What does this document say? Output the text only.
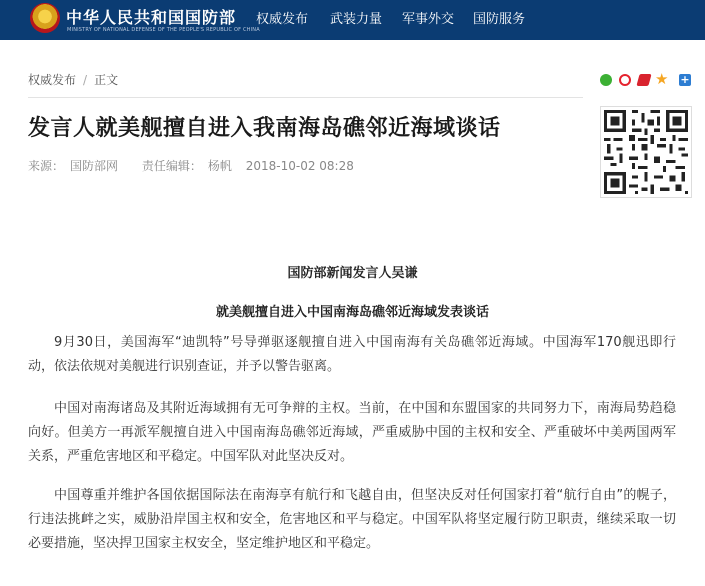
中华人民共和国国防部
MINISTRY OF NATIONAL DEFENSE OF THE PEOPLE'S REPUBLIC OF CHINA
权威发布 武装力量 军事外交 国防服务
权威发布 / 正文	★ +
发言人就美舰擅自进入我南海岛礁邻近海域谈话
来源： 国防部网 责任编辑： 杨帆 2018-10-02 08:28
国防部新闻发言人吴谦
就美舰擅自进入中国南海岛礁邻近海域发表谈话

9月30日，美国海军“迪凯特”号导弹驱逐舰擅自进入中国南海有关岛礁邻近海域。中国海军170舰迅即行动，依法依规对美舰进行识别查证，并予以警告驱离。

中国对南海诸岛及其附近海域拥有无可争辩的主权。当前，在中国和东盟国家的共同努力下，南海局势趋稳向好。但美方一再派军舰擅自进入中国南海岛礁邻近海域，严重威胁中国的主权和安全、严重破坏中美两国两军关系，严重危害地区和平稳定。中国军队对此坚决反对。

中国尊重并维护各国依据国际法在南海享有航行和飞越自由，但坚决反对任何国家打着“航行自由”的幌子，行违法挑衅之实，威胁沿岸国主权和安全，危害地区和平与稳定。中国军队将坚定履行防卫职责，继续采取一切必要措施，坚决捍卫国家主权安全，坚定维护地区和平稳定。
